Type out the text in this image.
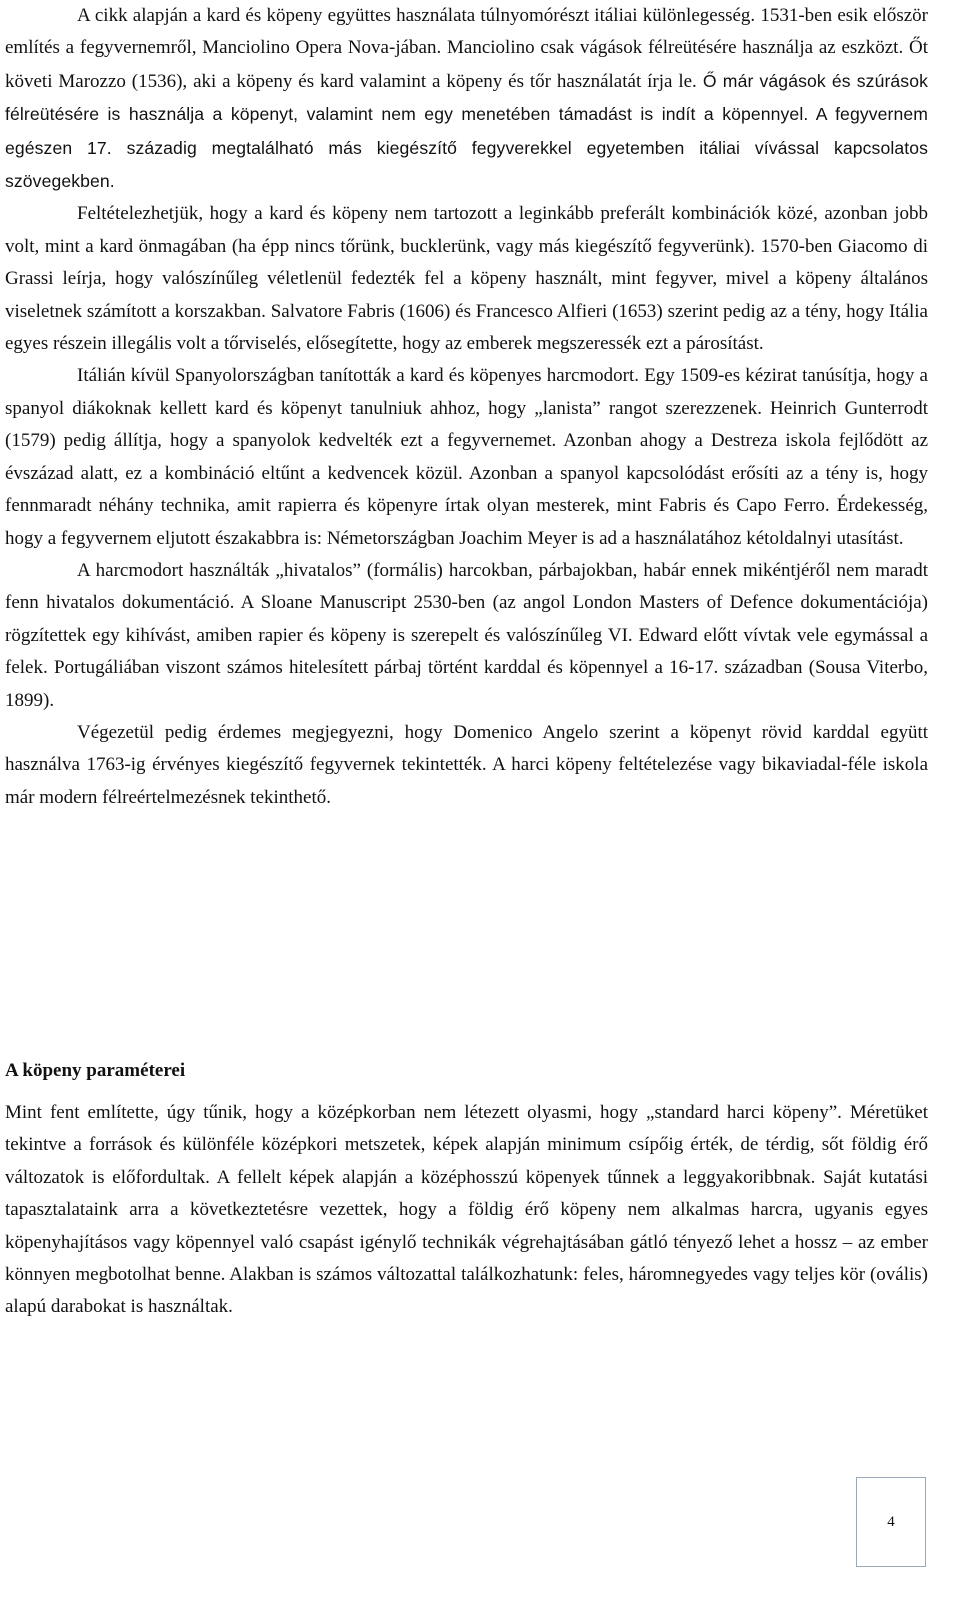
A cikk alapján a kard és köpeny együttes használata túlnyomórészt itáliai különlegesség. 1531-ben esik először említés a fegyvernemről, Manciolino Opera Nova-jában. Manciolino csak vágások félreütésére használja az eszközt. Őt követi Marozzo (1536), aki a köpeny és kard valamint a köpeny és tőr használatát írja le. Ő már vágások és szúrások félreütésére is használja a köpenyt, valamint nem egy menetében támadást is indít a köpennyel. A fegyvernem egészen 17. századig megtalálható más kiegészítő fegyverekkel egyetemben itáliai vívással kapcsolatos szövegekben.

Feltételezhetjük, hogy a kard és köpeny nem tartozott a leginkább preferált kombinációk közé, azonban jobb volt, mint a kard önmagában (ha épp nincs tőrünk, bucklerünk, vagy más kiegészítő fegyverünk). 1570-ben Giacomo di Grassi leírja, hogy valószínűleg véletlenül fedezték fel a köpeny használt, mint fegyver, mivel a köpeny általános viseletnek számított a korszakban. Salvatore Fabris (1606) és Francesco Alfieri (1653) szerint pedig az a tény, hogy Itália egyes részein illegális volt a tőrviselés, elősegítette, hogy az emberek megszeressék ezt a párosítást.

Itálián kívül Spanyolországban tanították a kard és köpenyes harcmodort. Egy 1509-es kézirat tanúsítja, hogy a spanyol diákoknak kellett kard és köpenyt tanulniuk ahhoz, hogy „lanista” rangot szerezzenek. Heinrich Gunterrodt (1579) pedig állítja, hogy a spanyolok kedvelték ezt a fegyvernemet. Azonban ahogy a Destreza iskola fejlődött az évszázad alatt, ez a kombináció eltűnt a kedvencek közül. Azonban a spanyol kapcsolódást erősíti az a tény is, hogy fennmaradt néhány technika, amit rapierra és köpenyre írtak olyan mesterek, mint Fabris és Capo Ferro. Érdekesség, hogy a fegyvernem eljutott északabbra is: Németországban Joachim Meyer is ad a használatához kétoldalnyi utasítást.

A harcmodort használták „hivatalos” (formális) harcokban, párbajokban, habár ennek mikéntjéről nem maradt fenn hivatalos dokumentáció. A Sloane Manuscript 2530-ben (az angol London Masters of Defence dokumentációja) rögzítettek egy kihívást, amiben rapier és köpeny is szerepelt és valószínűleg VI. Edward előtt vívtak vele egymással a felek. Portugáliában viszont számos hitelesített párbaj történt karddal és köpennyel a 16-17. században (Sousa Viterbo, 1899).

Végezetül pedig érdemes megjegyezni, hogy Domenico Angelo szerint a köpenyt rövid karddal együtt használva 1763-ig érvényes kiegészítő fegyvernek tekintették. A harci köpeny feltételezése vagy bikaviadal-féle iskola már modern félreértelmezésnek tekinthető.

A köpeny paraméterei

Mint fent említette, úgy tűnik, hogy a középkorban nem létezett olyasmi, hogy „standard harci köpeny”. Méretüket tekintve a források és különféle középkori metszetek, képek alapján minimum csípőig érték, de térdig, sőt földig érő változatok is előfordultak. A fellelt képek alapján a középhosszú köpenyek tűnnek a leggyakoribbnak. Saját kutatási tapasztalataink arra a következtetésre vezettek, hogy a földig érő köpeny nem alkalmas harcra, ugyanis egyes köpenyhajításos vagy köpennyel való csapást igénylő technikák végrehajtásában gátló tényező lehet a hossz – az ember könnyen megbotolhat benne. Alakban is számos változattal találkozhatunk: feles, háromnegyedes vagy teljes kör (ovális) alapú darabokat is használtak.

4
